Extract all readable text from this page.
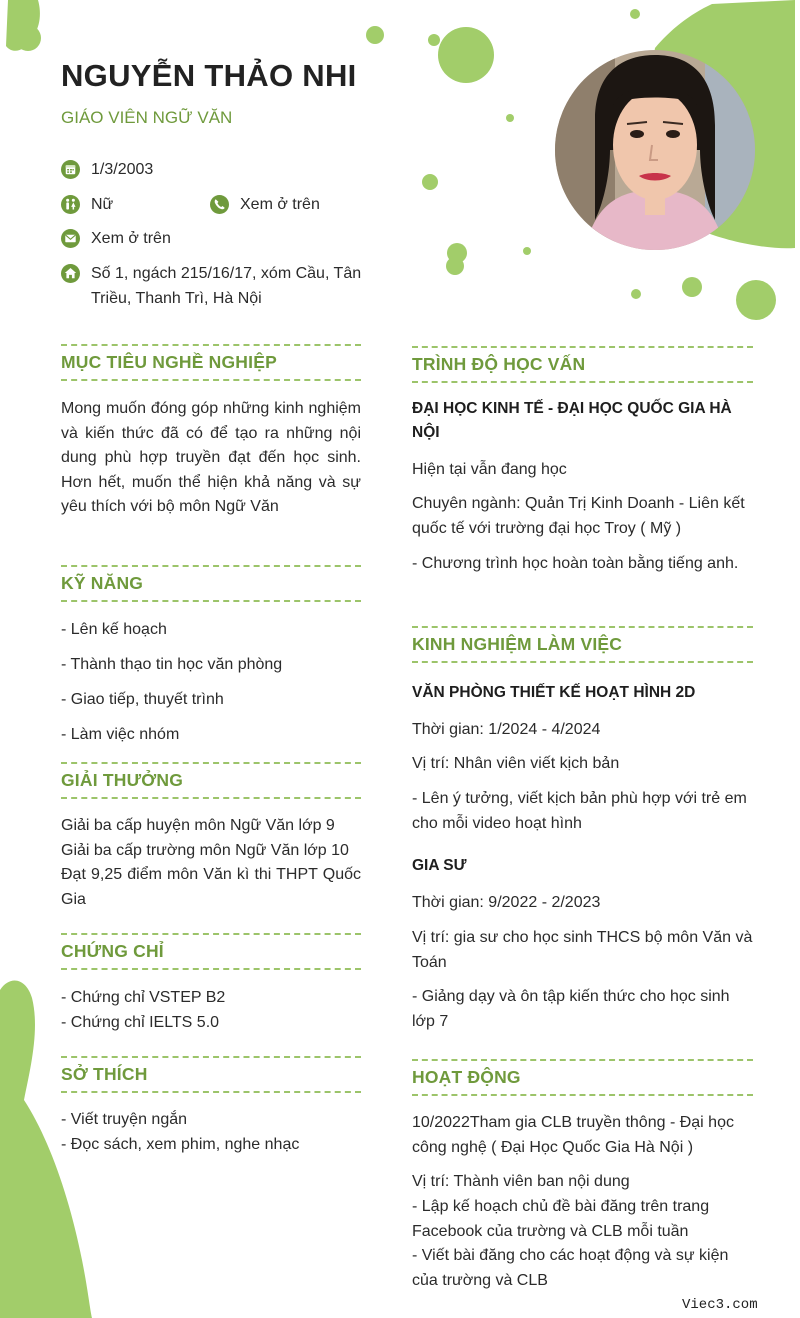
NGUYỄN THẢO NHI
GIÁO VIÊN NGỮ VĂN
1/3/2003
Nữ	Xem ở trên
Xem ở trên
Số 1, ngách 215/16/17, xóm Cầu, Tân
Triều, Thanh Trì, Hà Nội
MỤC TIÊU NGHỀ NGHIỆP
Mong muốn đóng góp những kinh nghiệm và kiến thức đã có để tạo ra những nội dung phù hợp truyền đạt đến học sinh. Hơn hết, muốn thể hiện khả năng và sự yêu thích với bộ môn Ngữ Văn
KỸ NĂNG
- Lên kế hoạch
- Thành thạo tin học văn phòng
- Giao tiếp, thuyết trình
- Làm việc nhóm
GIẢI THƯỞNG
Giải ba cấp huyện môn Ngữ Văn lớp 9
Giải ba cấp trường môn Ngữ Văn lớp 10
Đạt 9,25 điểm môn Văn kì thi THPT Quốc Gia
CHỨNG CHỈ
- Chứng chỉ VSTEP B2
- Chứng chỉ IELTS 5.0
SỞ THÍCH
- Viết truyện ngắn
- Đọc sách, xem phim, nghe nhạc
TRÌNH ĐỘ HỌC VẤN
ĐẠI HỌC KINH TẾ - ĐẠI HỌC QUỐC GIA HÀ NỘI
Hiện tại vẫn đang học
Chuyên ngành: Quản Trị Kinh Doanh - Liên kết quốc tế với trường đại học Troy ( Mỹ )
- Chương trình học hoàn toàn bằng tiếng anh.
KINH NGHIỆM LÀM VIỆC
VĂN PHÒNG THIẾT KẾ HOẠT HÌNH 2D
Thời gian: 1/2024 - 4/2024
Vị trí: Nhân viên viết kịch bản
- Lên ý tưởng, viết kịch bản phù hợp với trẻ em cho mỗi video hoạt hình
GIA SƯ
Thời gian: 9/2022 - 2/2023
Vị trí: gia sư cho học sinh THCS bộ môn Văn và Toán
- Giảng dạy và ôn tập kiến thức cho học sinh lớp 7
HOẠT ĐỘNG
10/2022Tham gia CLB truyền thông - Đại học công nghệ ( Đại Học Quốc Gia Hà Nội )
Vị trí: Thành viên ban nội dung
- Lập kế hoạch chủ đề bài đăng trên trang Facebook của trường và CLB mỗi tuần
- Viết bài đăng cho các hoạt động và sự kiện của trường và CLB
Viec3.com
